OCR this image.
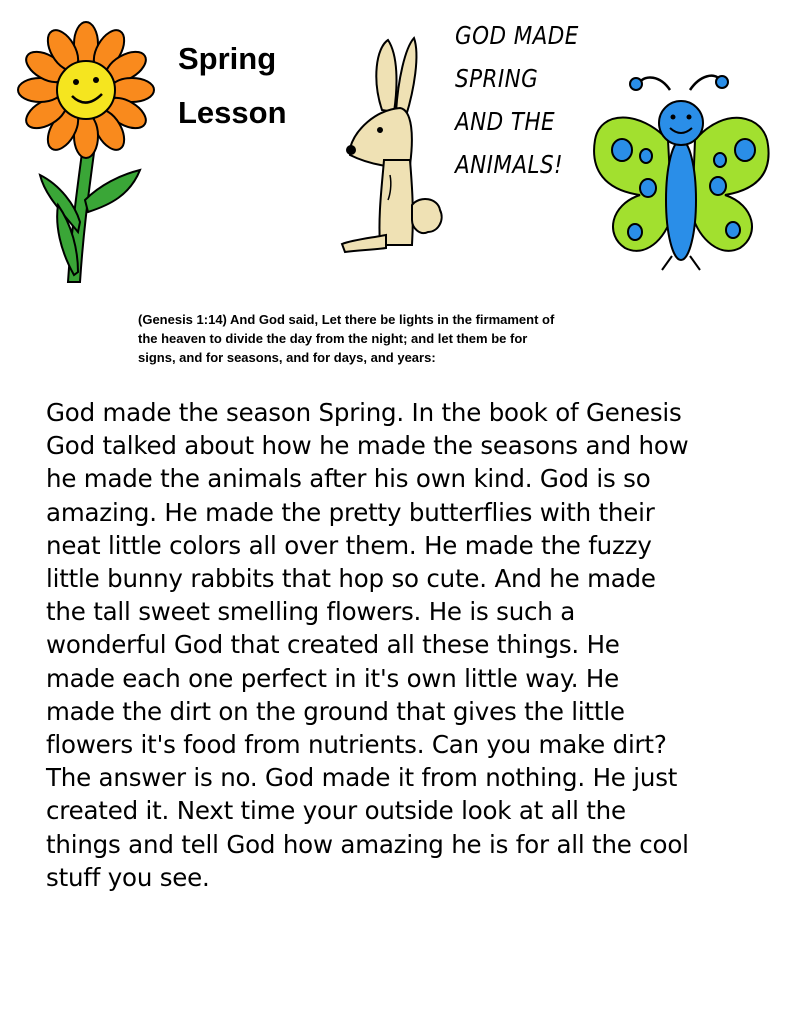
Spring
Lesson
GOD MADE
SPRING
AND THE
ANIMALS!
(Genesis 1:14) And God said, Let there be lights in the firmament of
the heaven to divide the day from the night; and let them be for
signs, and for seasons, and for days, and years:
God made the season Spring. In the book of Genesis
God talked about how he made the seasons and how
he made the animals after his own kind. God is so
amazing. He made the pretty butterflies with their
neat little colors all over them. He made the fuzzy
little bunny rabbits that hop so cute. And he made
the tall sweet smelling flowers. He is such a
wonderful God that created all these things. He
made each one perfect in it's own little way. He
made the dirt on the ground that gives the little
flowers it's food from nutrients. Can you make dirt?
The answer is no. God made it from nothing. He just
created it. Next time your outside look at all the
things and tell God how amazing he is for all the cool
stuff you see.
